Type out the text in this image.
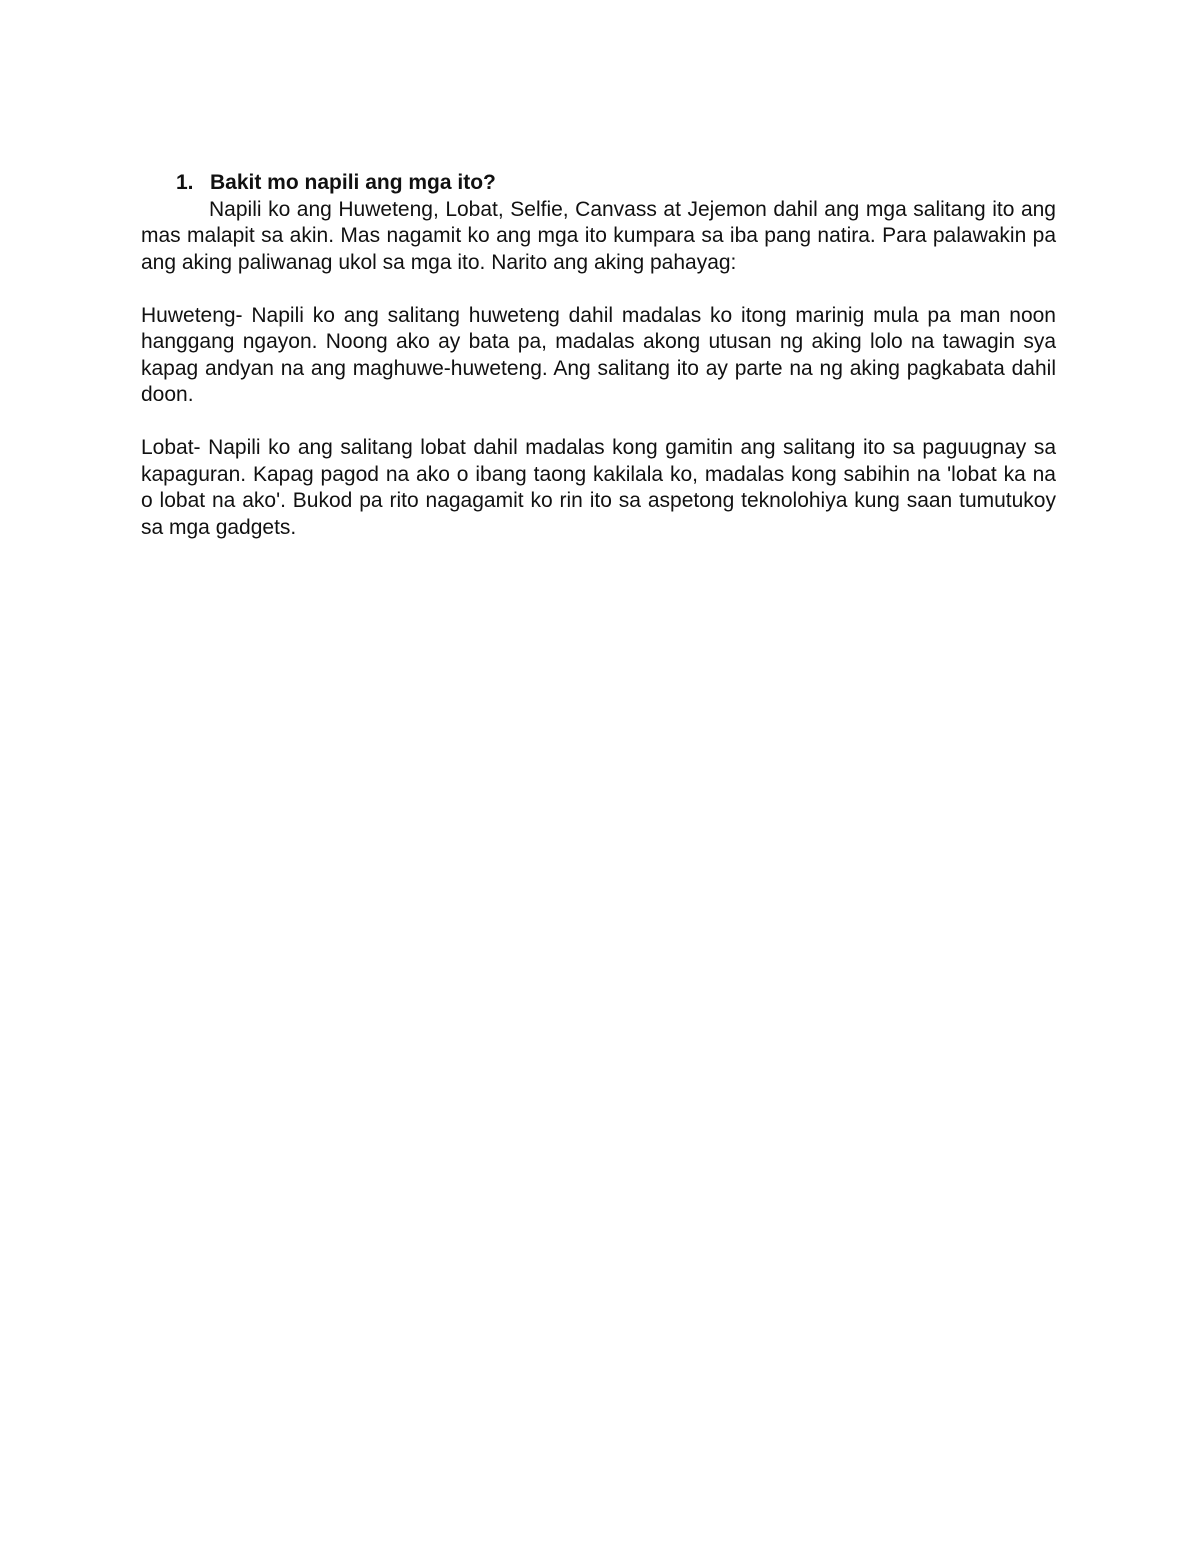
1. Bakit mo napili ang mga ito?

Napili ko ang Huweteng, Lobat, Selfie, Canvass at Jejemon dahil ang mga salitang ito ang mas malapit sa akin. Mas nagamit ko ang mga ito kumpara sa iba pang natira. Para palawakin pa ang aking paliwanag ukol sa mga ito. Narito ang aking pahayag:

Huweteng- Napili ko ang salitang huweteng dahil madalas ko itong marinig mula pa man noon hanggang ngayon. Noong ako ay bata pa, madalas akong utusan ng aking lolo na tawagin sya kapag andyan na ang maghuwe-huweteng. Ang salitang ito ay parte na ng aking pagkabata dahil doon.

Lobat- Napili ko ang salitang lobat dahil madalas kong gamitin ang salitang ito sa paguugnay sa kapaguran. Kapag pagod na ako o ibang taong kakilala ko, madalas kong sabihin na 'lobat ka na o lobat na ako'. Bukod pa rito nagagamit ko rin ito sa aspetong teknolohiya kung saan tumutukoy sa mga gadgets.
